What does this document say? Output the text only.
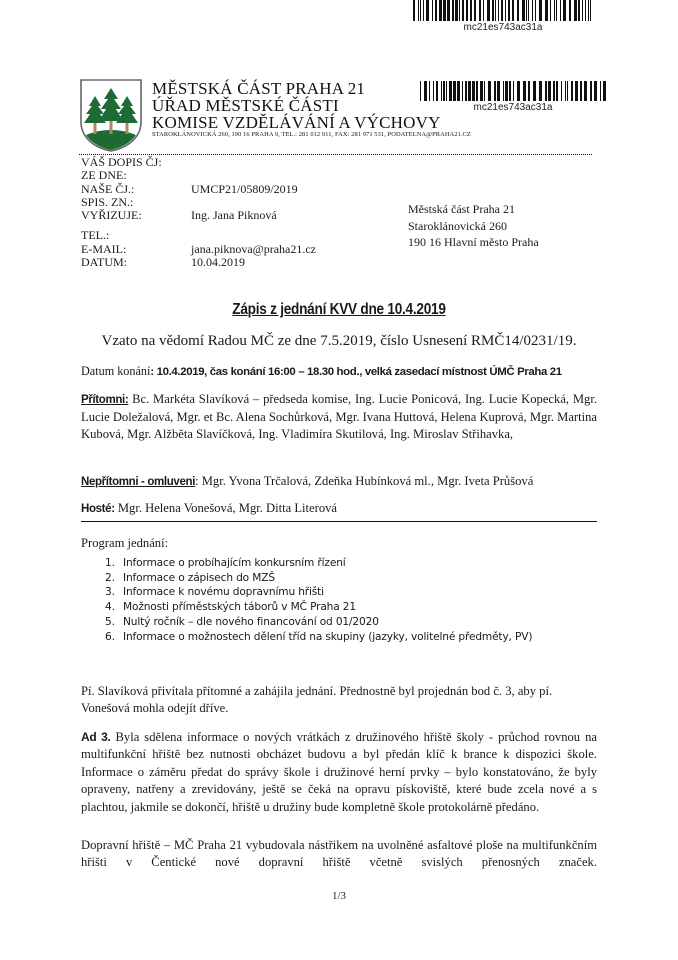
mc21es743ac31a
MĚSTSKÁ ČÁST PRAHA 21
ÚŘAD MĚSTSKÉ ČÁSTI
KOMISE VZDĚLÁVÁNÍ A VÝCHOVY
STAROKLÁNOVICKÁ 260, 190 16 PRAHA 9, TEL.: 281 012 911, FAX: 281 971 531, PODATELNA@PRAHA21.CZ
mc21es743ac31a
VÁŠ DOPIS ČJ:
ZE DNE:
NAŠE ČJ.:	UMCP21/05809/2019
SPIS. ZN.:
VYŘIZUJE:	Ing. Jana Piknová
TEL.:
E-MAIL:	jana.piknova@praha21.cz
DATUM:	10.04.2019
Městská část Praha 21
Staroklánovická 260
190 16 Hlavní město Praha
Zápis z jednání KVV dne 10.4.2019
Vzato na vědomí Radou MČ ze dne 7.5.2019, číslo Usnesení RMČ14/0231/19.
Datum konání: 10.4.2019, čas konání 16:00 – 18.30 hod., velká zasedací místnost ÚMČ Praha 21
Přítomni: Bc. Markéta Slavíková – předseda komise, Ing. Lucie Ponicová, Ing. Lucie Kopecká, Mgr. Lucie Doležalová, Mgr. et Bc. Alena Sochůrková, Mgr. Ivana Huttová, Helena Kuprová, Mgr. Martina Kubová, Mgr. Alžběta Slavíčková, Ing. Vladimíra Skutilová, Ing. Miroslav Střihavka,
Nepřítomni - omluveni: Mgr. Yvona Trčalová, Zdeňka Hubínková ml., Mgr. Iveta Průšová
Hosté: Mgr. Helena Vonešová, Mgr. Ditta Literová
Program jednání:
1. Informace o probíhajícím konkursním řízení
2. Informace o zápisech do MZŠ
3. Informace k novému dopravnímu hřišti
4. Možnosti příměstských táborů v MČ Praha 21
5. Nultý ročník – dle nového financování od 01/2020
6. Informace o možnostech dělení tříd na skupiny (jazyky, volitelné předměty, PV)
Pí. Slavíková přivítala přítomné a zahájila jednání. Přednostně byl projednán bod č. 3, aby pí. Vonešová mohla odejít dříve.
Ad 3. Byla sdělena informace o nových vrátkách z družinového hřiště školy - průchod rovnou na multifunkční hřiště bez nutnosti obcházet budovu a byl předán klíč k brance k dispozici škole. Informace o záměru předat do správy škole i družinové herní prvky – bylo konstatováno, že byly opraveny, natřeny a zrevidovány, ještě se čeká na opravu pískoviště, které bude zcela nové a s plachtou, jakmile se dokončí, hřiště u družiny bude kompletně škole protokolárně předáno.
Dopravní hřiště – MČ Praha 21 vybudovala nástřikem na uvolněné asfaltové ploše na multifunkčním hřišti v Čentické nové dopravní hřiště včetně svislých přenosných značek.
1/3
